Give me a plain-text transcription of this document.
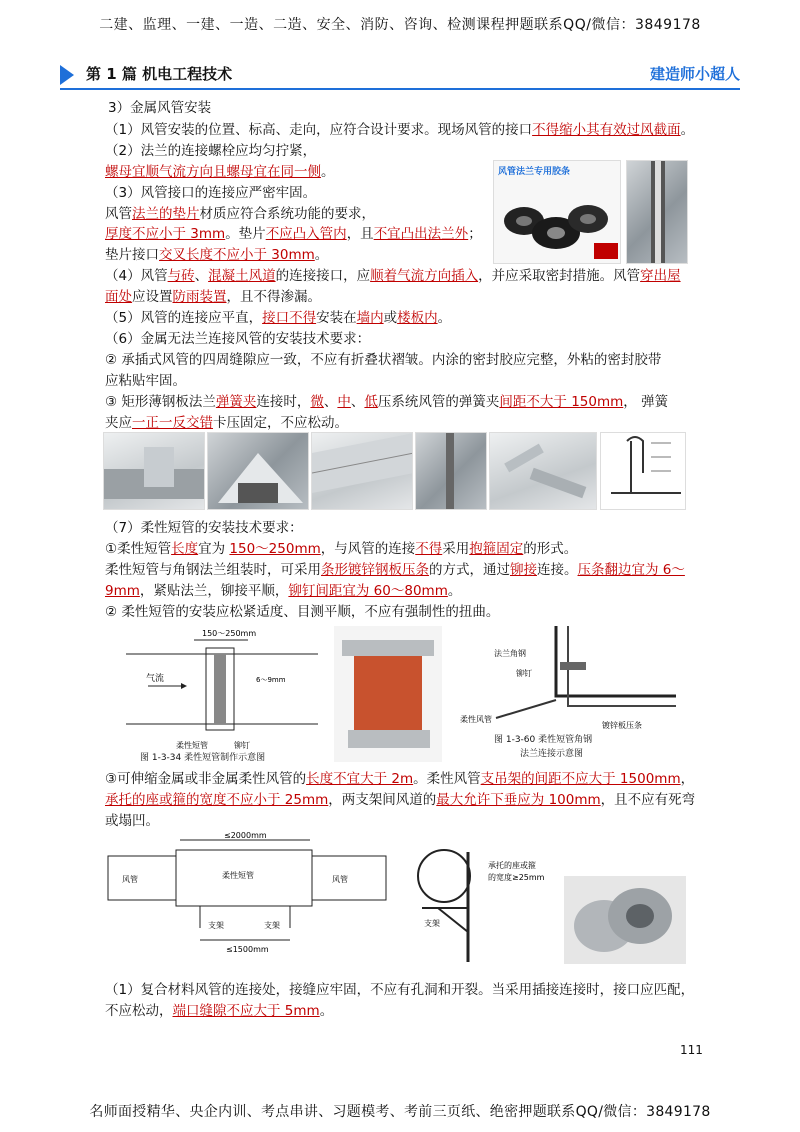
二建、监理、一建、一造、二造、安全、消防、咨询、检测课程押题联系QQ/微信：3849178
第 1 篇 机电工程技术	建造师小超人
3）金属风管安装
（1）风管安装的位置、标高、走向，应符合设计要求。现场风管的接口不得缩小其有效过风截面。
（2）法兰的连接螺栓应均匀拧紧，
螺母宜顺气流方向且螺母宜在同一侧。
（3）风管接口的连接应严密牢固。
风管法兰的垫片材质应符合系统功能的要求，
厚度不应小于 3mm。垫片不应凸入管内，且不宜凸出法兰外；
垫片接口交叉长度不应小于 30mm。
（4）风管与砖、混凝土风道的连接接口，应顺着气流方向插入，并应采取密封措施。风管穿出屋
面处应设置防雨装置，且不得渗漏。
（5）风管的连接应平直，接口不得安装在墙内或楼板内。
（6）金属无法兰连接风管的安装技术要求：
② 承插式风管的四周缝隙应一致，不应有折叠状褶皱。内涂的密封胶应完整，外粘的密封胶带
应粘贴牢固。
③ 矩形薄钢板法兰弹簧夹连接时，微、中、低压系统风管的弹簧夹间距不大于 150mm， 弹簧
夹应一正一反交错卡压固定，不应松动。
（7）柔性短管的安装技术要求：
①柔性短管长度宜为 150～250mm，与风管的连接不得采用抱箍固定的形式。
柔性短管与角钢法兰组装时，可采用条形镀锌钢板压条的方式，通过铆接连接。压条翻边宜为 6～
9mm，紧贴法兰，铆接平顺，铆钉间距宜为 60～80mm。
② 柔性短管的安装应松紧适度、目测平顺，不应有强制性的扭曲。
③可伸缩金属或非金属柔性风管的长度不宜大于 2m。柔性风管支吊架的间距不应大于 1500mm，
承托的座或箍的宽度不应小于 25mm，两支架间风道的最大允许下垂应为 100mm，且不应有死弯
或塌凹。
（1）复合材料风管的连接处，接缝应牢固，不应有孔洞和开裂。当采用插接连接时，接口应匹配，
不应松动，端口缝隙不应大于 5mm。
风管法兰专用胶条
150～250mm
气流
柔性短管	铆钉
6～9mm
图 1-3-34 柔性短管制作示意图
法兰角钢
铆钉
柔性风管
镀锌板压条
图 1-3-60 柔性短管角钢
法兰连接示意图
≤2000mm
风管	柔性短管	风管
支架	支架
≤1500mm
承托的座或箍
的宽度≥25mm
支架
111
名师面授精华、央企内训、考点串讲、习题模考、考前三页纸、绝密押题联系QQ/微信：3849178
